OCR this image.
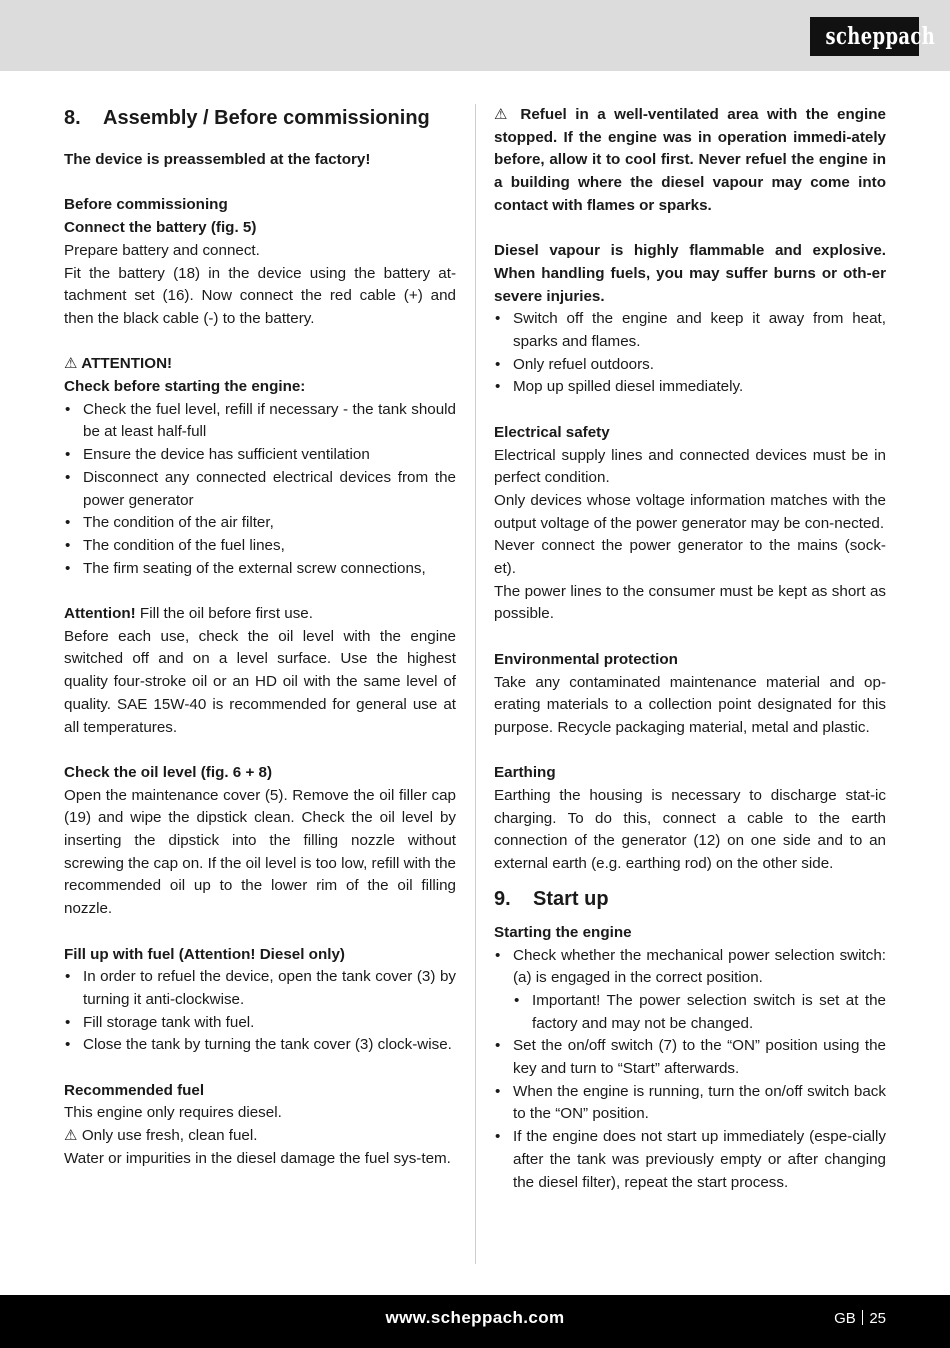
scheppach
8. Assembly / Before commissioning

The device is preassembled at the factory!

Before commissioning

Connect the battery (fig. 5)

Prepare battery and connect.

Fit the battery (18) in the device using the battery at-tachment set (16). Now connect the red cable (+) and then the black cable (-) to the battery.

⚠ ATTENTION!

Check before starting the engine:

• Check the fuel level, refill if necessary - the tank should be at least half-full
• Ensure the device has sufficient ventilation
• Disconnect any connected electrical devices from the power generator
• The condition of the air filter,
• The condition of the fuel lines,
• The firm seating of the external screw connections,

Attention! Fill the oil before first use.

Before each use, check the oil level with the engine switched off and on a level surface. Use the highest quality four-stroke oil or an HD oil with the same level of quality. SAE 15W-40 is recommended for general use at all temperatures.

Check the oil level (fig. 6 + 8)

Open the maintenance cover (5). Remove the oil filler cap (19) and wipe the dipstick clean. Check the oil level by inserting the dipstick into the filling nozzle without screwing the cap on. If the oil level is too low, refill with the recommended oil up to the lower rim of the oil filling nozzle.

Fill up with fuel (Attention! Diesel only)

• In order to refuel the device, open the tank cover (3) by turning it anti-clockwise.
• Fill storage tank with fuel.
• Close the tank by turning the tank cover (3) clock-wise.

Recommended fuel

This engine only requires diesel.

⚠ Only use fresh, clean fuel.

Water or impurities in the diesel damage the fuel sys-tem.

⚠ Refuel in a well-ventilated area with the engine stopped. If the engine was in operation immedi-ately before, allow it to cool first. Never refuel the engine in a building where the diesel vapour may come into contact with flames or sparks.

Diesel vapour is highly flammable and explosive. When handling fuels, you may suffer burns or oth-er severe injuries.

• Switch off the engine and keep it away from heat, sparks and flames.
• Only refuel outdoors.
• Mop up spilled diesel immediately.

Electrical safety

Electrical supply lines and connected devices must be in perfect condition.

Only devices whose voltage information matches with the output voltage of the power generator may be con-nected.

Never connect the power generator to the mains (sock-et).

The power lines to the consumer must be kept as short as possible.

Environmental protection

Take any contaminated maintenance material and op-erating materials to a collection point designated for this purpose. Recycle packaging material, metal and plastic.

Earthing

Earthing the housing is necessary to discharge stat-ic charging. To do this, connect a cable to the earth connection of the generator (12) on one side and to an external earth (e.g. earthing rod) on the other side.

9. Start up

Starting the engine

• Check whether the mechanical power selection switch: (a) is engaged in the correct position.
• Important! The power selection switch is set at the factory and may not be changed.
• Set the on/off switch (7) to the “ON” position using the key and turn to “Start” afterwards.
• When the engine is running, turn the on/off switch back to the “ON” position.
• If the engine does not start up immediately (espe-cially after the tank was previously empty or after changing the diesel filter), repeat the start process.
www.scheppach.com	GB 25
